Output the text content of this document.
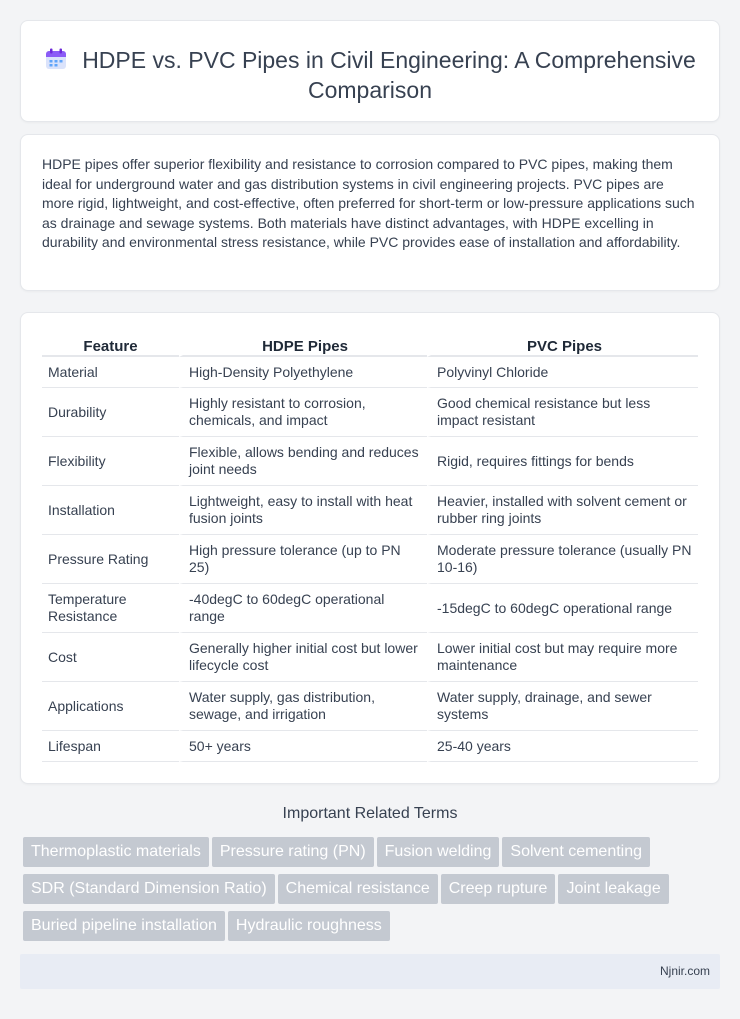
HDPE vs. PVC Pipes in Civil Engineering: A Comprehensive Comparison

HDPE pipes offer superior flexibility and resistance to corrosion compared to PVC pipes, making them ideal for underground water and gas distribution systems in civil engineering projects. PVC pipes are more rigid, lightweight, and cost-effective, often preferred for short-term or low-pressure applications such as drainage and sewage systems. Both materials have distinct advantages, with HDPE excelling in durability and environmental stress resistance, while PVC provides ease of installation and affordability.

Feature	HDPE Pipes	PVC Pipes
Material	High-Density Polyethylene	Polyvinyl Chloride
Durability	Highly resistant to corrosion, chemicals, and impact	Good chemical resistance but less impact resistant
Flexibility	Flexible, allows bending and reduces joint needs	Rigid, requires fittings for bends
Installation	Lightweight, easy to install with heat fusion joints	Heavier, installed with solvent cement or rubber ring joints
Pressure Rating	High pressure tolerance (up to PN 25)	Moderate pressure tolerance (usually PN 10-16)
Temperature Resistance	-40degC to 60degC operational range	-15degC to 60degC operational range
Cost	Generally higher initial cost but lower lifecycle cost	Lower initial cost but may require more maintenance
Applications	Water supply, gas distribution, sewage, and irrigation	Water supply, drainage, and sewer systems
Lifespan	50+ years	25-40 years
Important Related Terms
Thermoplastic materials Pressure rating (PN) Fusion welding Solvent cementing
SDR (Standard Dimension Ratio) Chemical resistance Creep rupture Joint leakage
Buried pipeline installation Hydraulic roughness
Njnir.com
